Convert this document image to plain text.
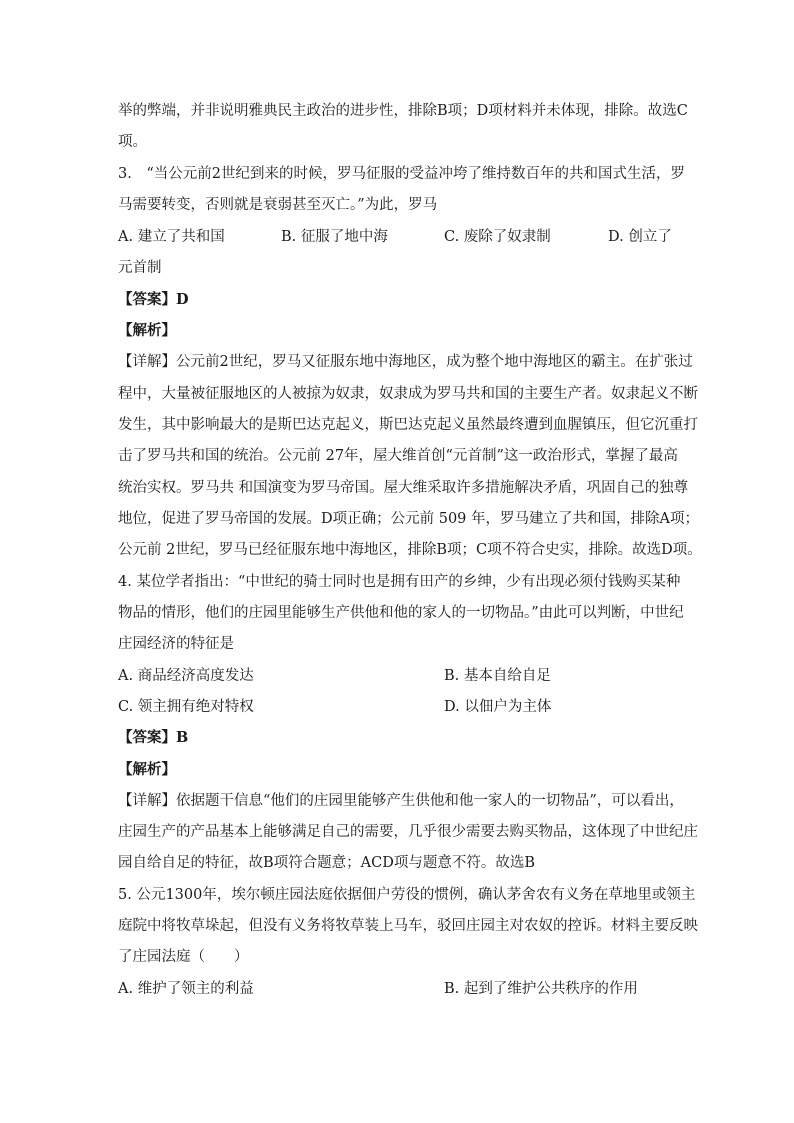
举的弊端，并非说明雅典民主政治的进步性，排除B项；D项材料并未体现，排除。故选C
项。
3.　“当公元前2世纪到来的时候，罗马征服的受益冲垮了维持数百年的共和国式生活，罗
马需要转变，否则就是衰弱甚至灭亡。”为此，罗马
A. 建立了共和国	B. 征服了地中海	C. 废除了奴隶制	D. 创立了
元首制
【答案】D
【解析】
【详解】公元前2世纪，罗马又征服东地中海地区，成为整个地中海地区的霸主。在扩张过
程中，大量被征服地区的人被掠为奴隶，奴隶成为罗马共和国的主要生产者。奴隶起义不断
发生，其中影响最大的是斯巴达克起义，斯巴达克起义虽然最终遭到血腥镇压，但它沉重打
击了罗马共和国的统治。公元前 27年，屋大维首创“元首制”这一政治形式，掌握了最高
统治实权。罗马共 和国演变为罗马帝国。屋大维采取许多措施解决矛盾，巩固自己的独尊
地位，促进了罗马帝国的发展。D项正确；公元前 509 年，罗马建立了共和国，排除A项；
公元前 2世纪，罗马已经征服东地中海地区，排除B项；C项不符合史实，排除。故选D项。
4. 某位学者指出：“中世纪的骑士同时也是拥有田产的乡绅，少有出现必须付钱购买某种
物品的情形，他们的庄园里能够生产供他和他的家人的一切物品。”由此可以判断，中世纪
庄园经济的特征是
A. 商品经济高度发达	B. 基本自给自足
C. 领主拥有绝对特权	D. 以佃户为主体
【答案】B
【解析】
【详解】依据题干信息“他们的庄园里能够产生供他和他一家人的一切物品”，可以看出，
庄园生产的产品基本上能够满足自己的需要，几乎很少需要去购买物品，这体现了中世纪庄
园自给自足的特征，故B项符合题意；ACD项与题意不符。故选B
5. 公元1300年，埃尔顿庄园法庭依据佃户劳役的惯例，确认茅舍农有义务在草地里或领主
庭院中将牧草垛起，但没有义务将牧草装上马车，驳回庄园主对农奴的控诉。材料主要反映
了庄园法庭（　　）
A. 维护了领主的利益	B. 起到了维护公共秩序的作用
